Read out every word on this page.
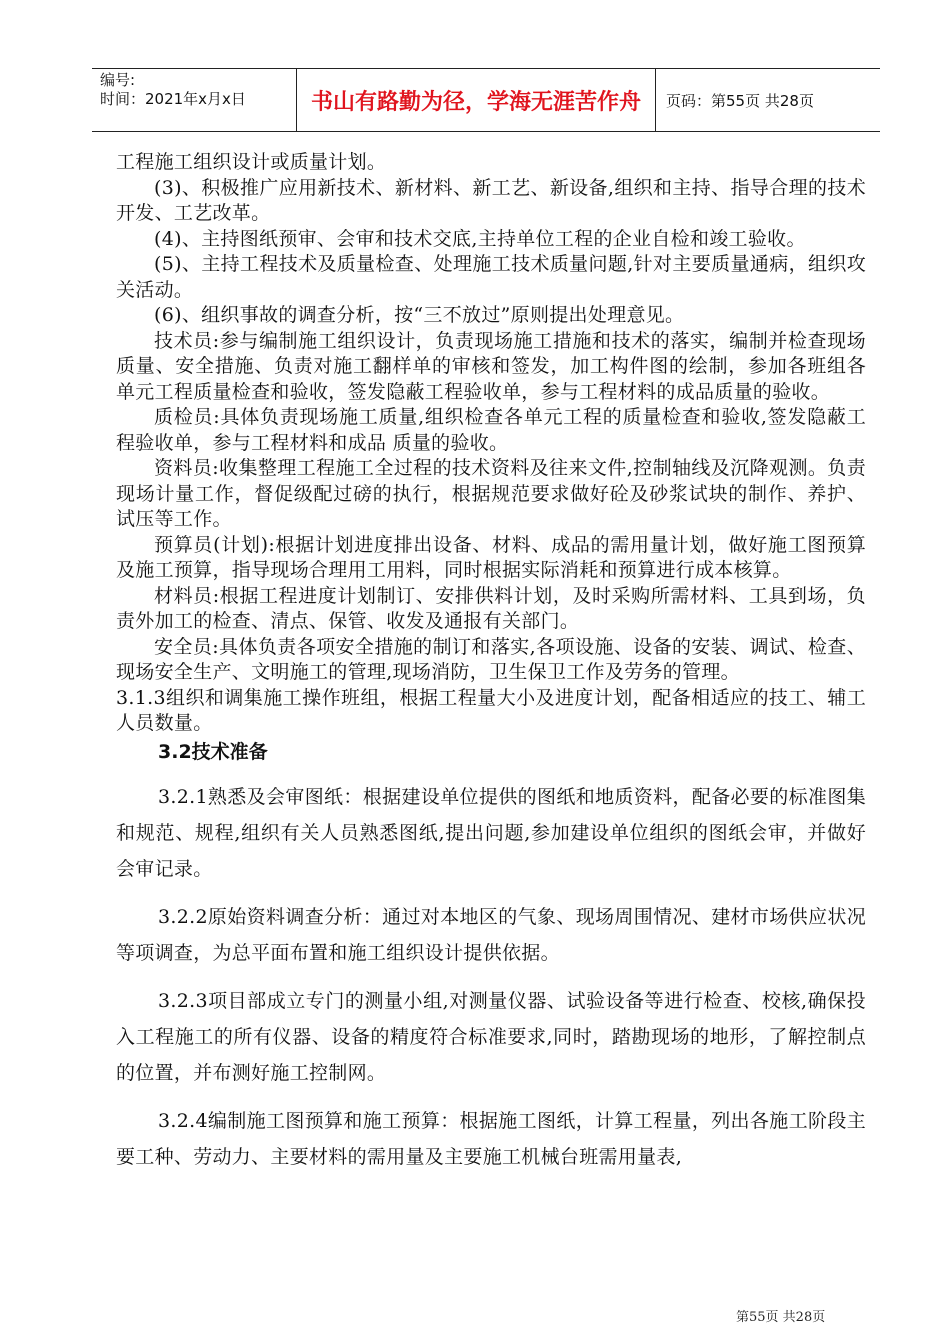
编号:
时间：2021年x月x日	书山有路勤为径，学海无涯苦作舟	页码：第55页 共28页

工程施工组织设计或质量计划。

(3)、积极推广应用新技术、新材料、新工艺、新设备,组织和主持、指导合理的技术开发、工艺改革。

(4)、主持图纸预审、会审和技术交底,主持单位工程的企业自检和竣工验收。

(5)、主持工程技术及质量检查、处理施工技术质量问题,针对主要质量通病，组织攻关活动。

(6)、组织事故的调查分析，按“三不放过”原则提出处理意见。

技术员:参与编制施工组织设计，负责现场施工措施和技术的落实，编制并检查现场质量、安全措施、负责对施工翻样单的审核和签发，加工构件图的绘制，参加各班组各单元工程质量检查和验收，签发隐蔽工程验收单，参与工程材料的成品质量的验收。

质检员:具体负责现场施工质量,组织检查各单元工程的质量检查和验收,签发隐蔽工程验收单，参与工程材料和成品 质量的验收。

资料员:收集整理工程施工全过程的技术资料及往来文件,控制轴线及沉降观测。负责现场计量工作，督促级配过磅的执行，根据规范要求做好砼及砂浆试块的制作、养护、试压等工作。

预算员(计划):根据计划进度排出设备、材料、成品的需用量计划，做好施工图预算及施工预算，指导现场合理用工用料，同时根据实际消耗和预算进行成本核算。

材料员:根据工程进度计划制订、安排供料计划，及时采购所需材料、工具到场，负责外加工的检查、清点、保管、收发及通报有关部门。

安全员:具体负责各项安全措施的制订和落实,各项设施、设备的安装、调试、检查、现场安全生产、文明施工的管理,现场消防，卫生保卫工作及劳务的管理。

3.1.3组织和调集施工操作班组，根据工程量大小及进度计划，配备相适应的技工、辅工人员数量。

3.2技术准备

3.2.1熟悉及会审图纸：根据建设单位提供的图纸和地质资料，配备必要的标准图集和规范、规程,组织有关人员熟悉图纸,提出问题,参加建设单位组织的图纸会审，并做好会审记录。

3.2.2原始资料调查分析：通过对本地区的气象、现场周围情况、建材市场供应状况等项调查，为总平面布置和施工组织设计提供依据。

3.2.3项目部成立专门的测量小组,对测量仪器、试验设备等进行检查、校核,确保投入工程施工的所有仪器、设备的精度符合标准要求,同时，踏勘现场的地形，了解控制点的位置，并布测好施工控制网。

3.2.4编制施工图预算和施工预算：根据施工图纸，计算工程量，列出各施工阶段主要工种、劳动力、主要材料的需用量及主要施工机械台班需用量表,

第55页 共28页
